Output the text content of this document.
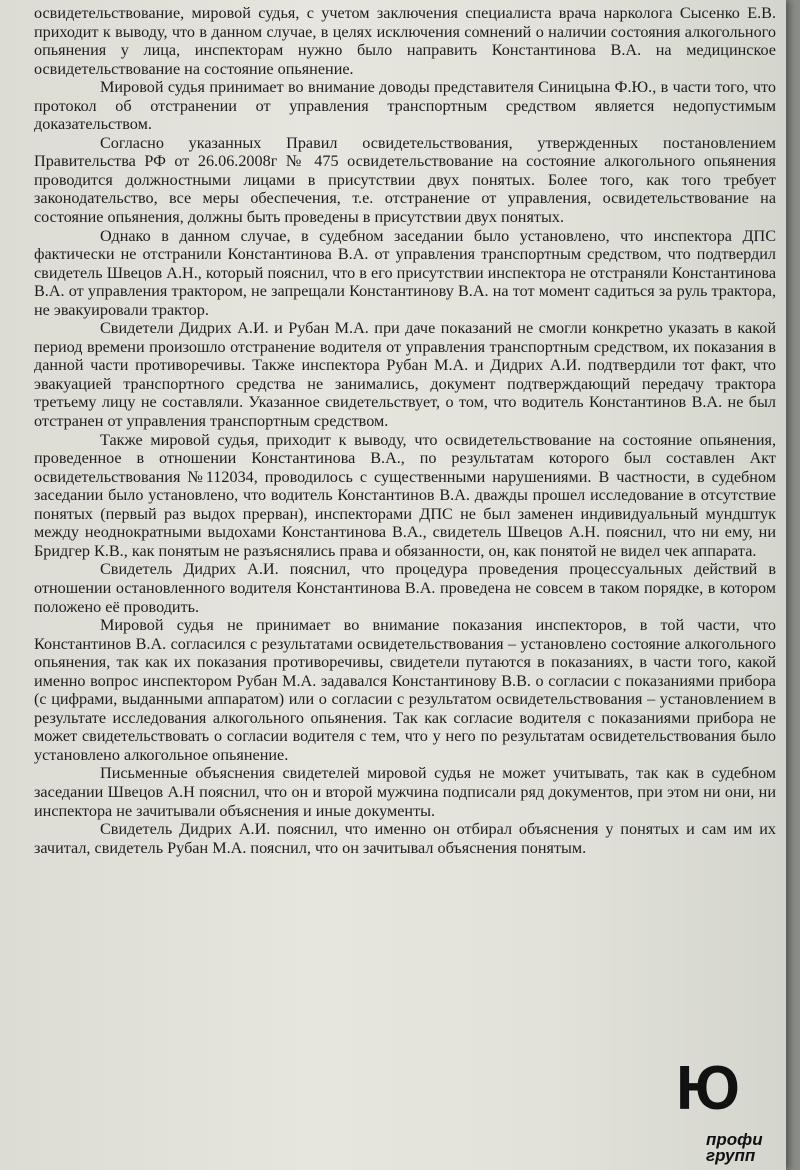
освидетельствование, мировой судья, с учетом заключения специалиста врача нарколога Сысенко Е.В. приходит к выводу, что в данном случае, в целях исключения сомнений о наличии состояния алкогольного опьянения у лица, инспекторам нужно было направить Константинова В.А. на медицинское освидетельствование на состояние опьянение.

Мировой судья принимает во внимание доводы представителя Синицына Ф.Ю., в части того, что протокол об отстранении от управления транспортным средством является недопустимым доказательством.

Согласно указанных Правил освидетельствования, утвержденных постановлением Правительства РФ от 26.06.2008г № 475 освидетельствование на состояние алкогольного опьянения проводится должностными лицами в присутствии двух понятых. Более того, как того требует законодательство, все меры обеспечения, т.е. отстранение от управления, освидетельствование на состояние опьянения, должны быть проведены в присутствии двух понятых.

Однако в данном случае, в судебном заседании было установлено, что инспектора ДПС фактически не отстранили Константинова В.А. от управления транспортным средством, что подтвердил свидетель Швецов А.Н., который пояснил, что в его присутствии инспектора не отстраняли Константинова В.А. от управления трактором, не запрещали Константинову В.А. на тот момент садиться за руль трактора, не эвакуировали трактор.

Свидетели Дидрих А.И. и Рубан М.А. при даче показаний не смогли конкретно указать в какой период времени произошло отстранение водителя от управления транспортным средством, их показания в данной части противоречивы. Также инспектора Рубан М.А. и Дидрих А.И. подтвердили тот факт, что эвакуацией транспортного средства не занимались, документ подтверждающий передачу трактора третьему лицу не составляли. Указанное свидетельствует, о том, что водитель Константинов В.А. не был отстранен от управления транспортным средством.

Также мировой судья, приходит к выводу, что освидетельствование на состояние опьянения, проведенное в отношении Константинова В.А., по результатам которого был составлен Акт освидетельствования №112034, проводилось с существенными нарушениями. В частности, в судебном заседании было установлено, что водитель Константинов В.А. дважды прошел исследование в отсутствие понятых (первый раз выдох прерван), инспекторами ДПС не был заменен индивидуальный мундштук между неоднократными выдохами Константинова В.А., свидетель Швецов А.Н. пояснил, что ни ему, ни Бридгер К.В., как понятым не разъяснялись права и обязанности, он, как понятой не видел чек аппарата.

Свидетель Дидрих А.И. пояснил, что процедура проведения процессуальных действий в отношении остановленного водителя Константинова В.А. проведена не совсем в таком порядке, в котором положено её проводить.

Мировой судья не принимает во внимание показания инспекторов, в той части, что Константинов В.А. согласился с результатами освидетельствования – установлено состояние алкогольного опьянения, так как их показания противоречивы, свидетели путаются в показаниях, в части того, какой именно вопрос инспектором Рубан М.А. задавался Константинову В.В. о согласии с показаниями прибора (с цифрами, выданными аппаратом) или о согласии с результатом освидетельствования – установлением в результате исследования алкогольного опьянения. Так как согласие водителя с показаниями прибора не может свидетельствовать о согласии водителя с тем, что у него по результатам освидетельствования было установлено алкогольное опьянение.

Письменные объяснения свидетелей мировой судья не может учитывать, так как в судебном заседании Швецов А.Н пояснил, что он и второй мужчина подписали ряд документов, при этом ни они, ни инспектора не зачитывали объяснения и иные документы.

Свидетель Дидрих А.И. пояснил, что именно он отбирал объяснения у понятых и сам им их зачитал, свидетель Рубан М.А. пояснил, что он зачитывал объяснения понятым.

Ю
профи
групп
